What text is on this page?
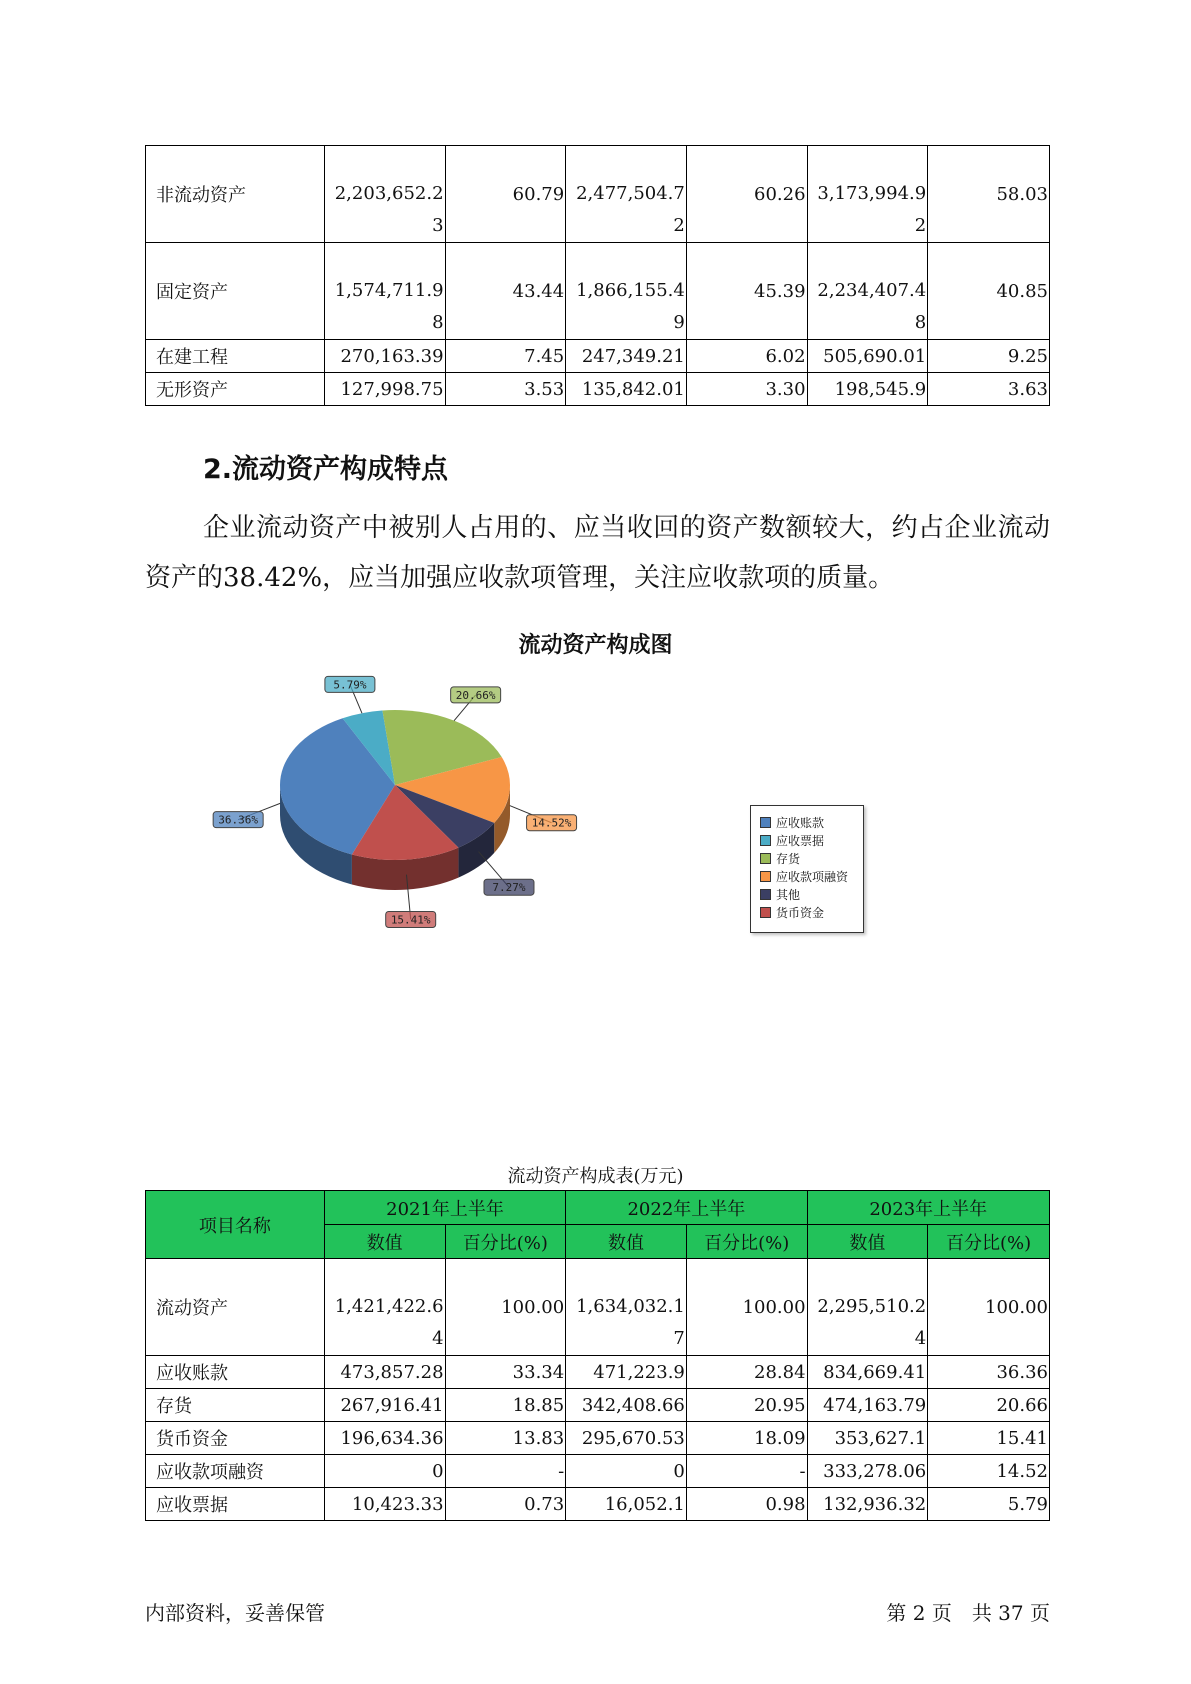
非流动资产	2,203,652.23	60.79	2,477,504.72	60.26	3,173,994.92	58.03
固定资产	1,574,711.98	43.44	1,866,155.49	45.39	2,234,407.48	40.85
在建工程	270,163.39	7.45	247,349.21	6.02	505,690.01	9.25
无形资产	127,998.75	3.53	135,842.01	3.30	198,545.9	3.63
2.流动资产构成特点

企业流动资产中被别人占用的、应当收回的资产数额较大，约占企业流动资产的38.42%，应当加强应收款项管理，关注应收款项的质量。

流动资产构成图
36.36%
5.79%
20.66%
14.52%
7.27%
15.41%
应收账款
应收票据
存货
应收款项融资
其他
货币资金
流动资产构成表(万元)
项目名称	2021年上半年		2022年上半年		2023年上半年	
	数值	百分比(%)	数值	百分比(%)	数值	百分比(%)
流动资产	1,421,422.64	100.00	1,634,032.17	100.00	2,295,510.24	100.00
应收账款	473,857.28	33.34	471,223.9	28.84	834,669.41	36.36
存货	267,916.41	18.85	342,408.66	20.95	474,163.79	20.66
货币资金	196,634.36	13.83	295,670.53	18.09	353,627.1	15.41
应收款项融资	0	-	0	-	333,278.06	14.52
应收票据	10,423.33	0.73	16,052.1	0.98	132,936.32	5.79
内部资料，妥善保管	第 2 页　共 37 页
